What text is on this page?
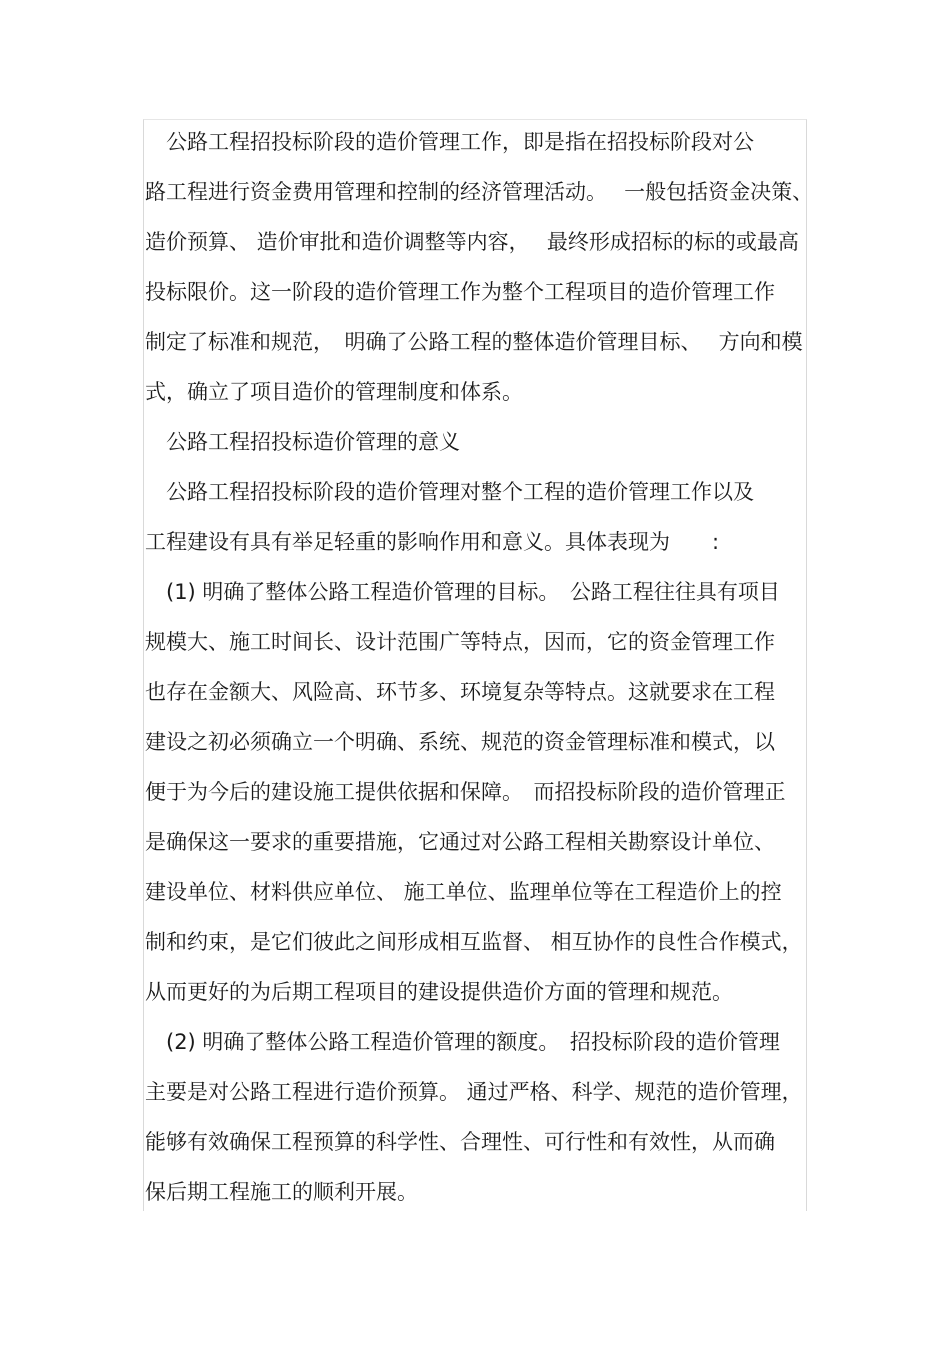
　公路工程招投标阶段的造价管理工作，即是指在招投标阶段对公
路工程进行资金费用管理和控制的经济管理活动。　 一般包括资金决策、
造价预算、 造价审批和造价调整等内容，　 最终形成招标的标的或最高
投标限价。这一阶段的造价管理工作为整个工程项目的造价管理工作
制定了标准和规范，　明确了公路工程的整体造价管理目标、　 方向和模
式，确立了项目造价的管理制度和体系。
　公路工程招投标造价管理的意义
　公路工程招投标阶段的造价管理对整个工程的造价管理工作以及
工程建设有具有举足轻重的影响作用和意义。具体表现为　　:
　(1) 明确了整体公路工程造价管理的目标。　公路工程往往具有项目
规模大、施工时间长、设计范围广等特点，因而，它的资金管理工作
也存在金额大、风险高、环节多、环境复杂等特点。这就要求在工程
建设之初必须确立一个明确、系统、规范的资金管理标准和模式，以
便于为今后的建设施工提供依据和保障。　而招投标阶段的造价管理正
是确保这一要求的重要措施，它通过对公路工程相关勘察设计单位、
建设单位、材料供应单位、 施工单位、监理单位等在工程造价上的控
制和约束，是它们彼此之间形成相互监督、 相互协作的良性合作模式，
从而更好的为后期工程项目的建设提供造价方面的管理和规范。
　(2) 明确了整体公路工程造价管理的额度。　招投标阶段的造价管理
主要是对公路工程进行造价预算。 通过严格、科学、规范的造价管理，
能够有效确保工程预算的科学性、合理性、可行性和有效性，从而确
保后期工程施工的顺利开展。
